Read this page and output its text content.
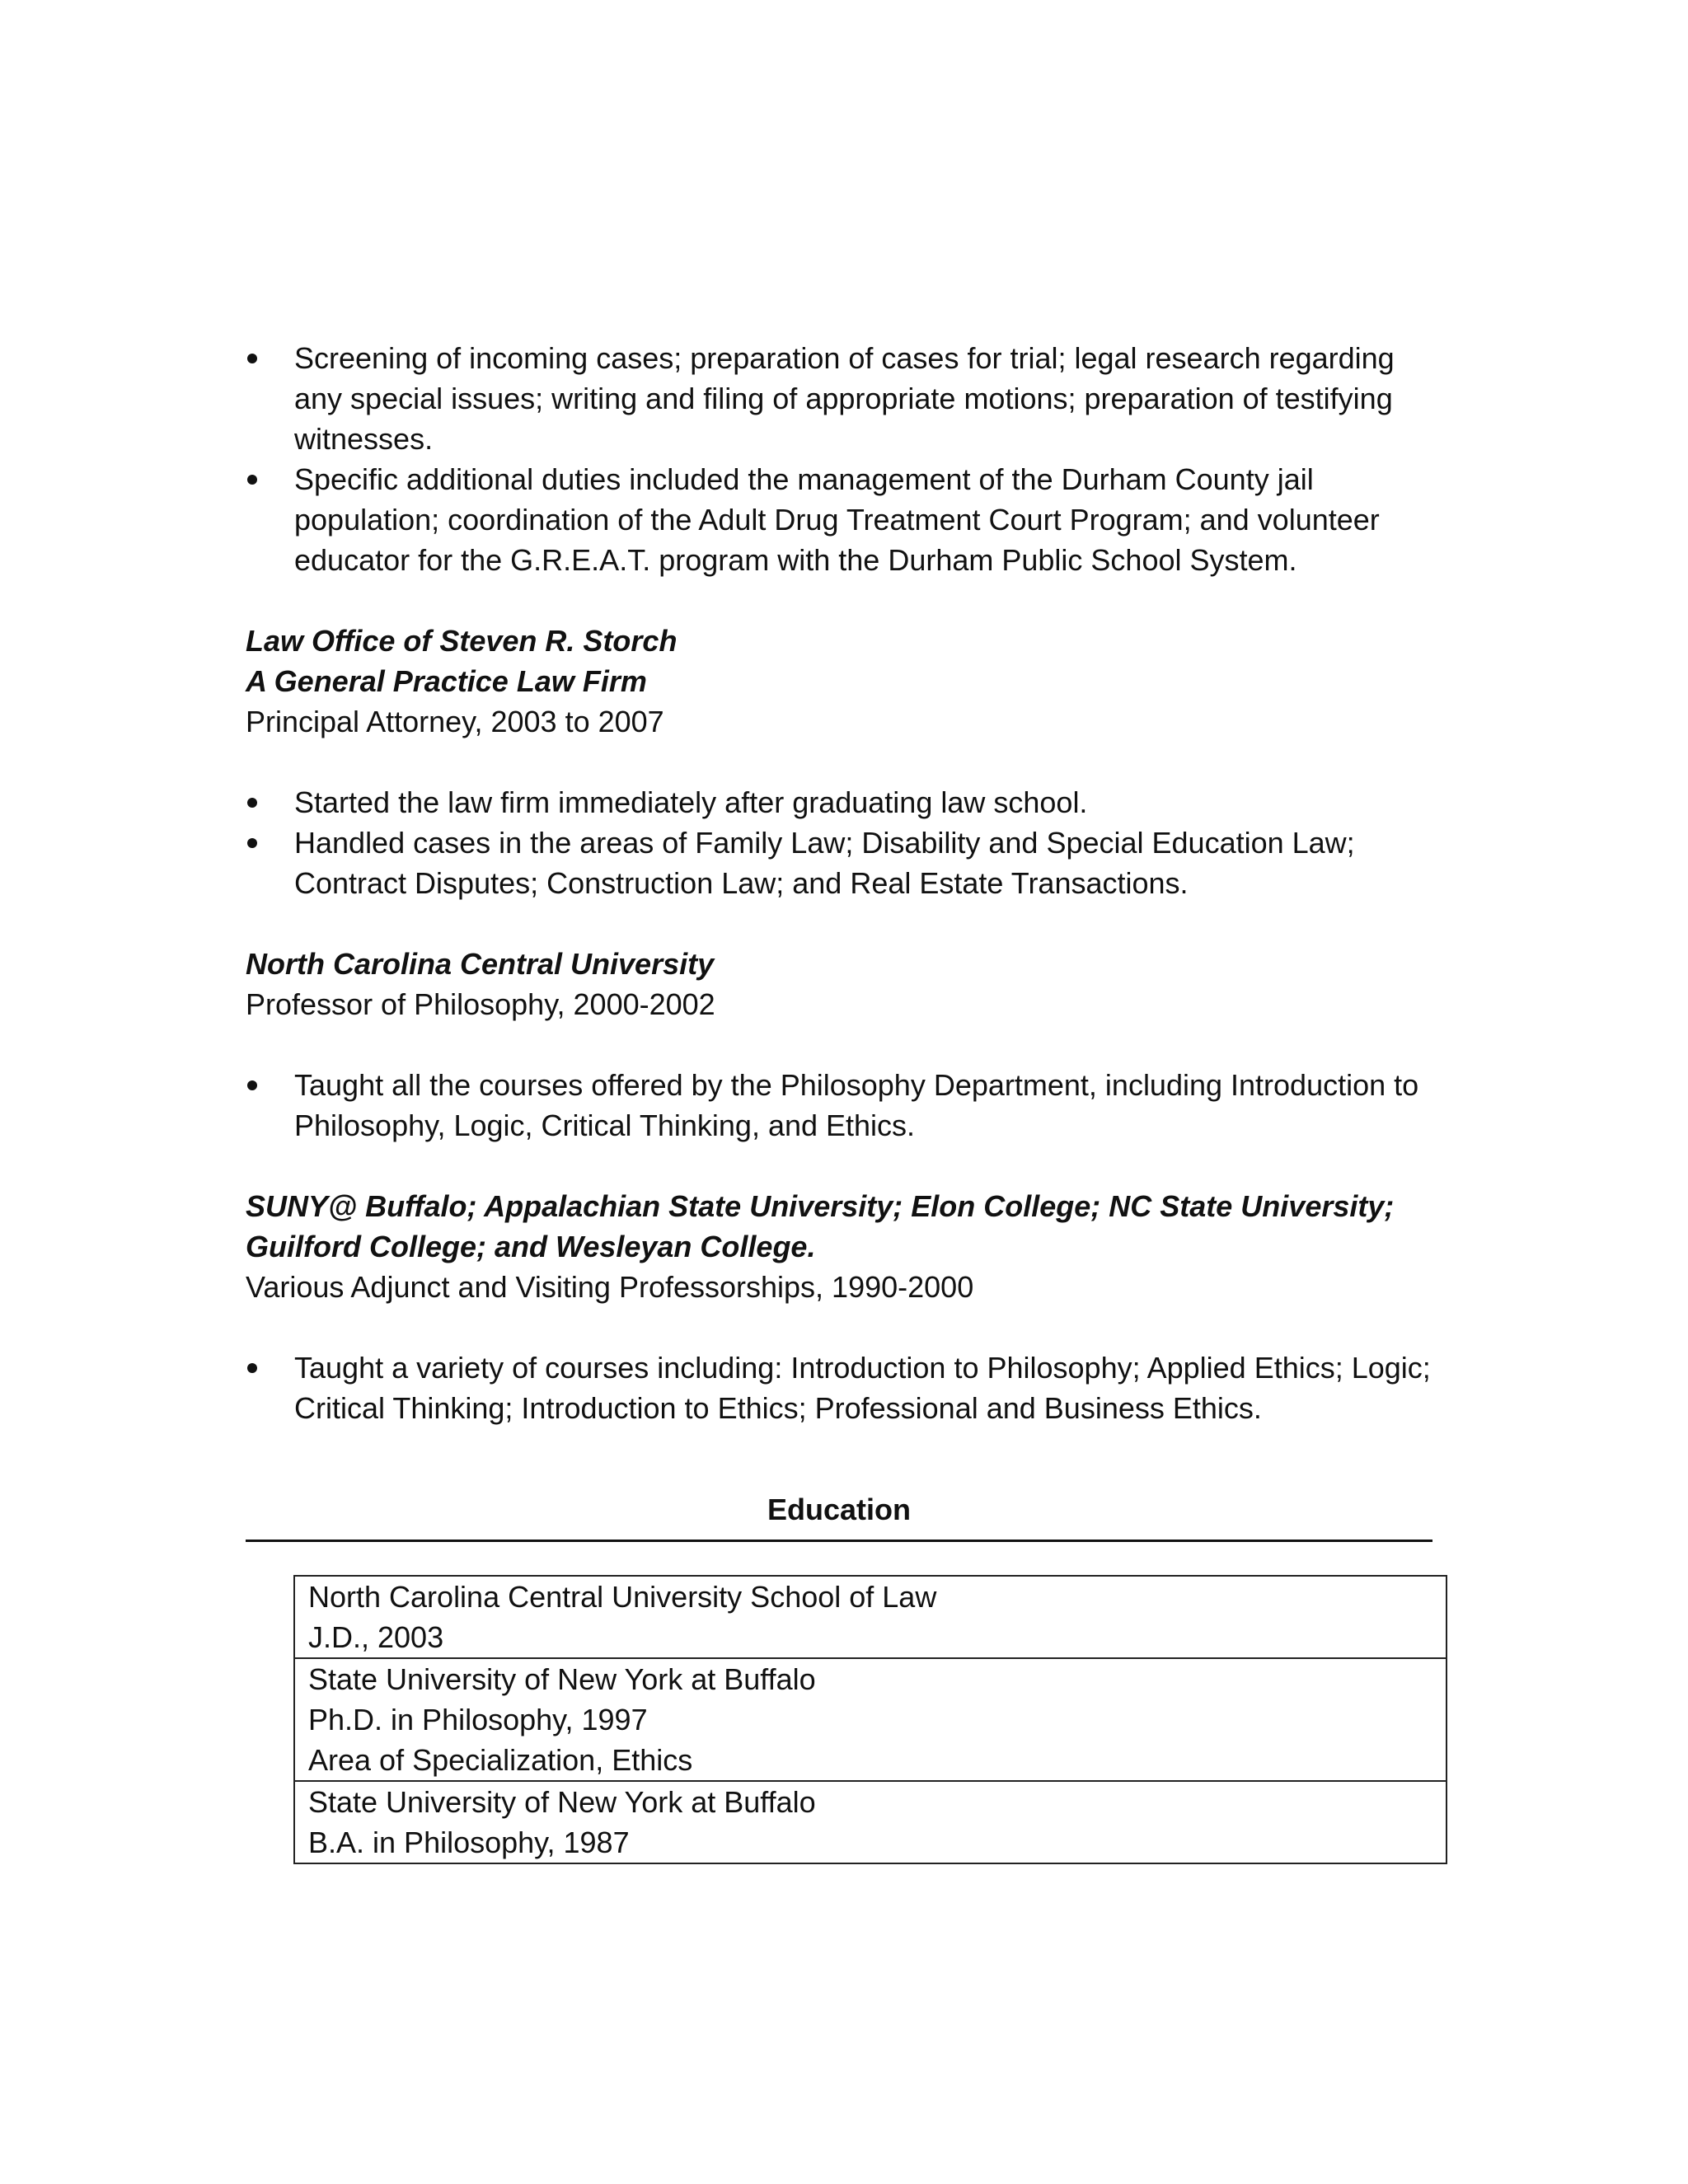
Screening of incoming cases; preparation of cases for trial; legal research regarding any special issues; writing and filing of appropriate motions; preparation of testifying witnesses.
Specific additional duties included the management of the Durham County jail population; coordination of the Adult Drug Treatment Court Program; and volunteer educator for the G.R.E.A.T. program with the Durham Public School System.
Law Office of Steven R. Storch
A General Practice Law Firm
Principal Attorney, 2003 to 2007
Started the law firm immediately after graduating law school.
Handled cases in the areas of Family Law; Disability and Special Education Law; Contract Disputes; Construction Law; and Real Estate Transactions.
North Carolina Central University
Professor of Philosophy, 2000-2002
Taught all the courses offered by the Philosophy Department, including Introduction to Philosophy, Logic, Critical Thinking, and Ethics.
SUNY@ Buffalo; Appalachian State University; Elon College; NC State University;
Guilford College; and Wesleyan College.
Various Adjunct and Visiting Professorships, 1990-2000
Taught a variety of courses including: Introduction to Philosophy; Applied Ethics; Logic; Critical Thinking; Introduction to Ethics; Professional and Business Ethics.
Education
North Carolina Central University School of Law
J.D., 2003

State University of New York at Buffalo
Ph.D. in Philosophy, 1997
Area of Specialization, Ethics

State University of New York at Buffalo
B.A. in Philosophy, 1987
